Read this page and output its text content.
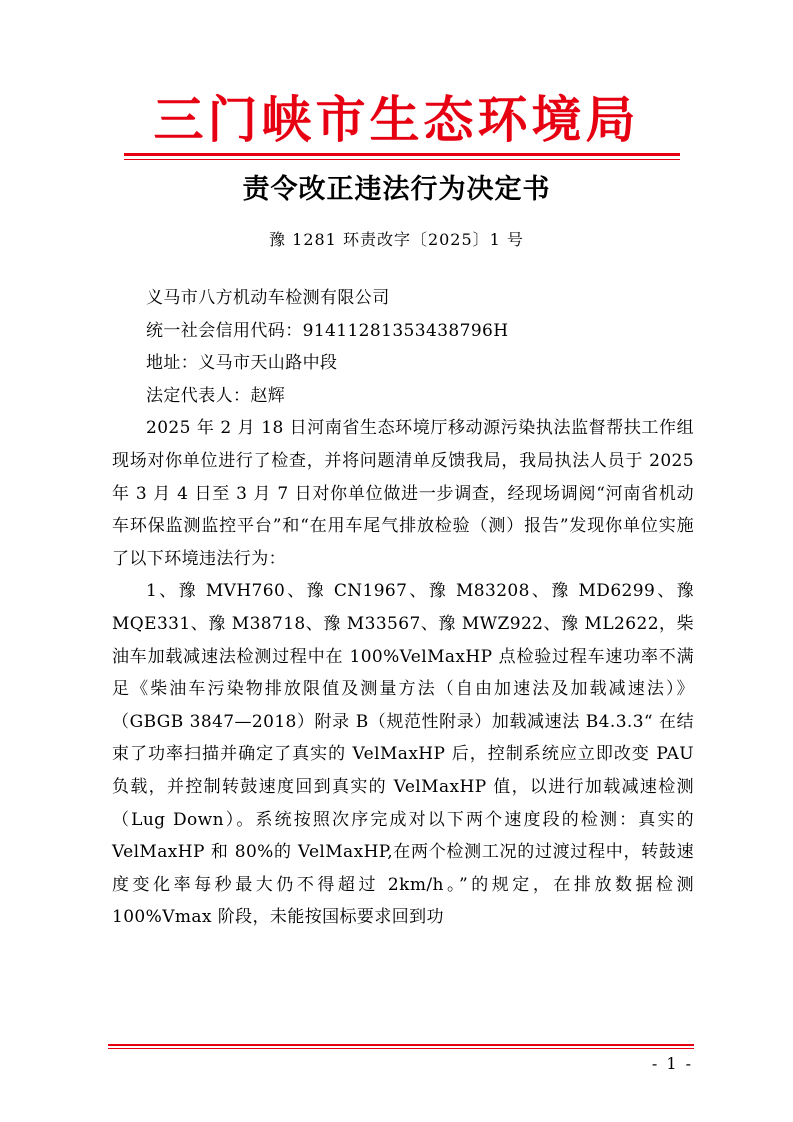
三门峡市生态环境局
责令改正违法行为决定书
豫 1281 环责改字〔2025〕1 号

义马市八方机动车检测有限公司

统一社会信用代码：91411281353438796H

地址：义马市天山路中段

法定代表人：赵辉

2025 年 2 月 18 日河南省生态环境厅移动源污染执法监督帮扶工作组现场对你单位进行了检查，并将问题清单反馈我局，我局执法人员于 2025 年 3 月 4 日至 3 月 7 日对你单位做进一步调查，经现场调阅“河南省机动车环保监测监控平台”和“在用车尾气排放检验（测）报告”发现你单位实施了以下环境违法行为：

1、豫 MVH760、豫 CN1967、豫 M83208、豫 MD6299、豫 MQE331、豫 M38718、豫 M33567、豫 MWZ922、豫 ML2622，柴油车加载减速法检测过程中在 100%VelMaxHP 点检验过程车速功率不满足《柴油车污染物排放限值及测量方法（自由加速法及加载减速法）》（GBGB 3847—2018）附录 B（规范性附录）加载减速法 B4.3.3“ 在结束了功率扫描并确定了真实的 VelMaxHP 后，控制系统应立即改变 PAU 负载，并控制转鼓速度回到真实的 VelMaxHP 值，以进行加载减速检测（Lug Down）。系统按照次序完成对以下两个速度段的检测：真实的 VelMaxHP 和 80%的 VelMaxHP,在两个检测工况的过渡过程中，转鼓速度变化率每秒最大仍不得超过 2km/h。”的规定，在排放数据检测 100%Vmax 阶段，未能按国标要求回到功

- 1 -
